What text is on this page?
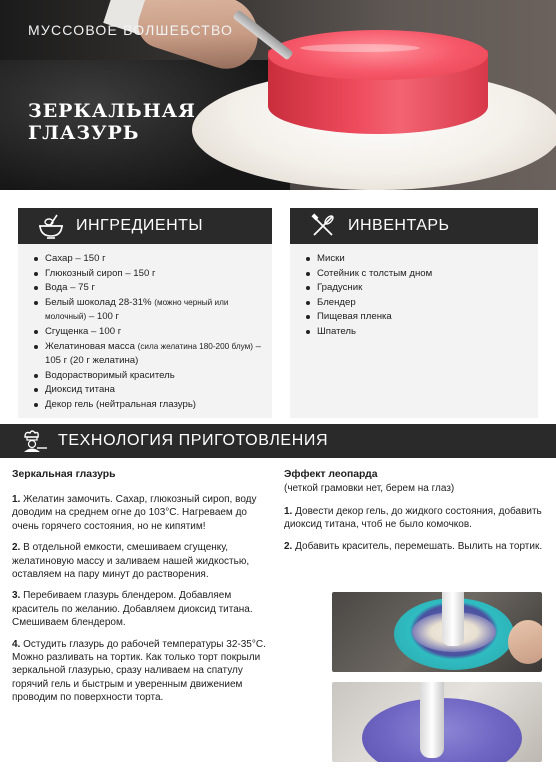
МУССОВОЕ ВОЛШЕБСТВО
ЗЕРКАЛЬНАЯ ГЛАЗУРЬ
ИНГРЕДИЕНТЫ
Сахар – 150 г
Глюкозный сироп – 150 г
Вода – 75 г
Белый шоколад 28-31% (можно черный или молочный) – 100 г
Сгущенка – 100 г
Желатиновая масса (сила желатина 180-200 блум) – 105 г (20 г желатина)
Водорастворимый краситель
Диоксид титана
Декор гель (нейтральная глазурь)
ИНВЕНТАРЬ
Миски
Сотейник с толстым дном
Градусник
Блендер
Пищевая пленка
Шпатель
ТЕХНОЛОГИЯ ПРИГОТОВЛЕНИЯ
Зеркальная глазурь

1. Желатин замочить. Сахар, глюкозный сироп, воду доводим на среднем огне до 103°С. Нагреваем до очень горячего состояния, но не кипятим!

2. В отдельной емкости, смешиваем сгущенку, желатиновую массу и заливаем нашей жидкостью, оставляем на пару минут до растворения.

3. Перебиваем глазурь блендером. Добавляем краситель по желанию. Добавляем диоксид титана. Смешиваем блендером.

4. Остудить глазурь до рабочей температуры 32-35°С. Можно разливать на тортик. Как только торт покрыли зеркальной глазурью, сразу наливаем на спатулу горячий гель и быстрым и уверенным движением проводим по поверхности торта.

Эффект леопарда
(четкой грамовки нет, берем на глаз)

1. Довести декор гель, до жидкого состояния, добавить диоксид титана, чтоб не было комочков.

2. Добавить краситель, перемешать. Вылить на тортик.
